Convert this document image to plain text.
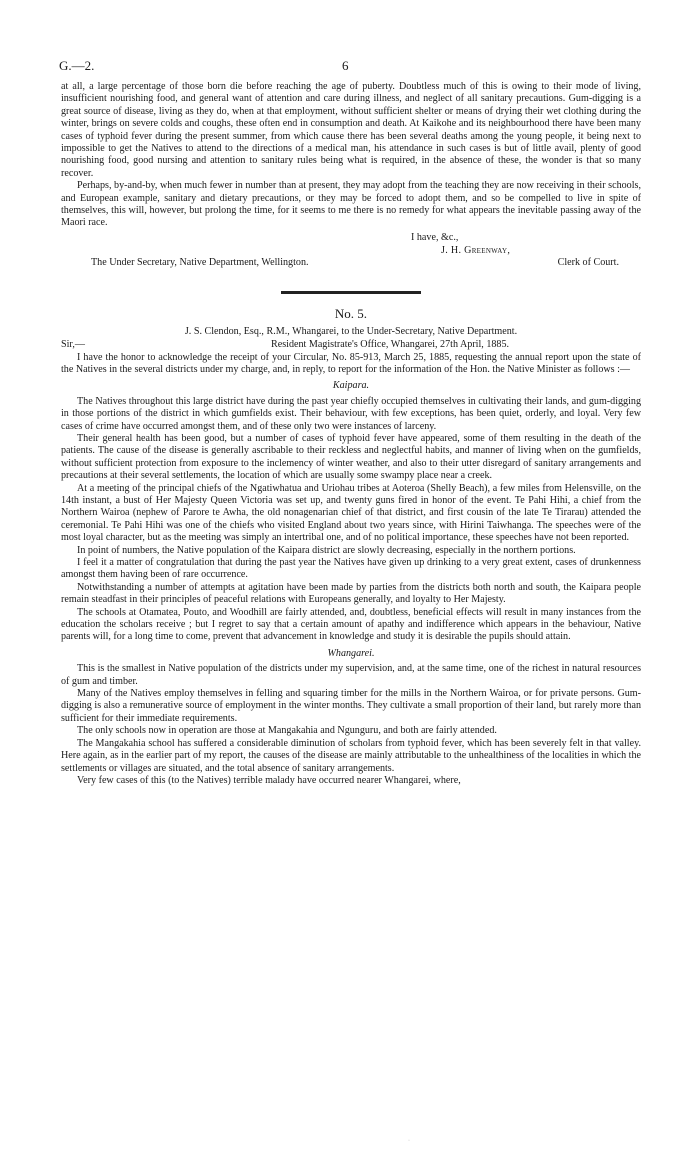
G.—2.	6

at all, a large percentage of those born die before reaching the age of puberty. Doubtless much of this is owing to their mode of living, insufficient nourishing food, and general want of attention and care during illness, and neglect of all sanitary precautions. Gum-digging is a great source of disease, living as they do, when at that employment, without sufficient shelter or means of drying their wet clothing during the winter, brings on severe colds and coughs, these often end in consumption and death. At Kaikohe and its neighbourhood there have been many cases of typhoid fever during the present summer, from which cause there has been several deaths among the young people, it being next to impossible to get the Natives to attend to the directions of a medical man, his attendance in such cases is but of little avail, plenty of good nourishing food, good nursing and attention to sanitary rules being what is required, in the absence of these, the wonder is that so many recover.

Perhaps, by-and-by, when much fewer in number than at present, they may adopt from the teaching they are now receiving in their schools, and European example, sanitary and dietary precautions, or they may be forced to adopt them, and so be compelled to live in spite of themselves, this will, however, but prolong the time, for it seems to me there is no remedy for what appears the inevitable passing away of the Maori race.

I have, &c.,
J. H. Greenway,
The Under Secretary, Native Department, Wellington.	Clerk of Court.
No. 5.
J. S. Clendon, Esq., R.M., Whangarei, to the Under-Secretary, Native Department.
Sir,—	Resident Magistrate's Office, Whangarei, 27th April, 1885.

I have the honor to acknowledge the receipt of your Circular, No. 85-913, March 25, 1885, requesting the annual report upon the state of the Natives in the several districts under my charge, and, in reply, to report for the information of the Hon. the Native Minister as follows :—

Kaipara.

The Natives throughout this large district have during the past year chiefly occupied themselves in cultivating their lands, and gum-digging in those portions of the district in which gumfields exist. Their behaviour, with few exceptions, has been quiet, orderly, and loyal. Very few cases of crime have occurred amongst them, and of these only two were instances of larceny.

Their general health has been good, but a number of cases of typhoid fever have appeared, some of them resulting in the death of the patients. The cause of the disease is generally ascribable to their reckless and neglectful habits, and manner of living when on the gumfields, without sufficient protection from exposure to the inclemency of winter weather, and also to their utter disregard of sanitary arrangements and precautions at their several settlements, the location of which are usually some swampy place near a creek.

At a meeting of the principal chiefs of the Ngatiwhatua and Uriohau tribes at Aoteroa (Shelly Beach), a few miles from Helensville, on the 14th instant, a bust of Her Majesty Queen Victoria was set up, and twenty guns fired in honor of the event. Te Pahi Hihi, a chief from the Northern Wairoa (nephew of Parore te Awha, the old nonagenarian chief of that district, and first cousin of the late Te Tirarau) attended the ceremonial. Te Pahi Hihi was one of the chiefs who visited England about two years since, with Hirini Taiwhanga. The speeches were of the most loyal character, but as the meeting was simply an intertribal one, and of no political importance, these speeches have not been reported.

In point of numbers, the Native population of the Kaipara district are slowly decreasing, especially in the northern portions.

I feel it a matter of congratulation that during the past year the Natives have given up drinking to a very great extent, cases of drunkenness amongst them having been of rare occurrence.

Notwithstanding a number of attempts at agitation have been made by parties from the districts both north and south, the Kaipara people remain steadfast in their principles of peaceful relations with Europeans generally, and loyalty to Her Majesty.

The schools at Otamatea, Pouto, and Woodhill are fairly attended, and, doubtless, beneficial effects will result in many instances from the education the scholars receive ; but I regret to say that a certain amount of apathy and indifference which appears in the behaviour, Native parents will, for a long time to come, prevent that advancement in knowledge and study it is desirable the pupils should attain.

Whangarei.

This is the smallest in Native population of the districts under my supervision, and, at the same time, one of the richest in natural resources of gum and timber.

Many of the Natives employ themselves in felling and squaring timber for the mills in the Northern Wairoa, or for private persons. Gum-digging is also a remunerative source of employment in the winter months. They cultivate a small proportion of their land, but rarely more than sufficient for their immediate requirements.

The only schools now in operation are those at Mangakahia and Ngunguru, and both are fairly attended.

The Mangakahia school has suffered a considerable diminution of scholars from typhoid fever, which has been severely felt in that valley. Here again, as in the earlier part of my report, the causes of the disease are mainly attributable to the unhealthiness of the localities in which the settlements or villages are situated, and the total absence of sanitary arrangements.

Very few cases of this (to the Natives) terrible malady have occurred nearer Whangarei, where,

·
